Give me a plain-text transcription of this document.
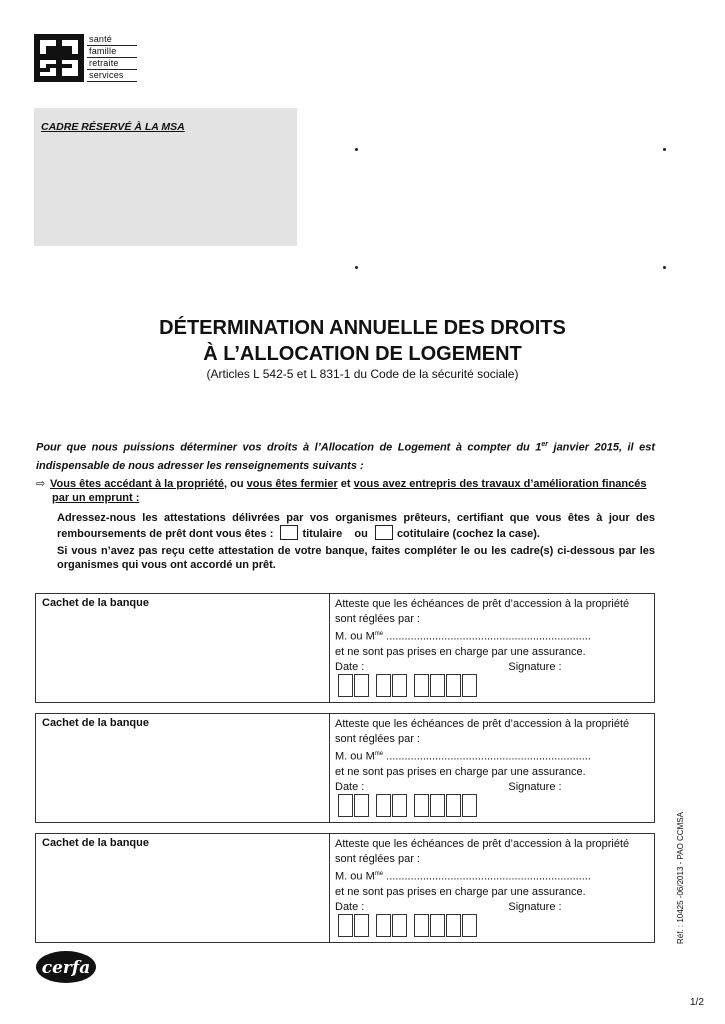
santé
famille
retraite
services
CADRE RÉSERVÉ À LA MSA
DÉTERMINATION ANNUELLE DES DROITS
À L’ALLOCATION DE LOGEMENT
(Articles L 542-5 et L 831-1 du Code de la sécurité sociale)
Pour que nous puissions déterminer vos droits à l’Allocation de Logement à compter du 1er janvier 2015, il est indispensable de nous adresser les renseignements suivants :
⇨ Vous êtes accédant à la propriété, ou vous êtes fermier et vous avez entrepris des travaux d’amélioration financés
par un emprunt :
Adressez-nous les attestations délivrées par vos organismes prêteurs, certifiant que vous êtes à jour des remboursements de prêt dont vous êtes :	titulaire ou	cotitulaire (cochez la case).
Si vous n’avez pas reçu cette attestation de votre banque, faites compléter le ou les cadre(s) ci-dessous par les organismes qui vous ont accordé un prêt.
Cachet de la banque	Atteste que les échéances de prêt d’accession à la propriété
sont réglées par :
M. ou $M^{me}$ ...................................................................
et ne sont pas prises en charge par une assurance.
Date :	Signature :
Cachet de la banque	Atteste que les échéances de prêt d’accession à la propriété
sont réglées par :
M. ou $M^{me}$ ...................................................................
et ne sont pas prises en charge par une assurance.
Date :	Signature :
Cachet de la banque	Atteste que les échéances de prêt d’accession à la propriété
sont réglées par :
M. ou $M^{me}$ ...................................................................
et ne sont pas prises en charge par une assurance.
Date :	Signature :	Réf. : 10425 -06/2013 - PAO CCMSA
cerfa
1/2
